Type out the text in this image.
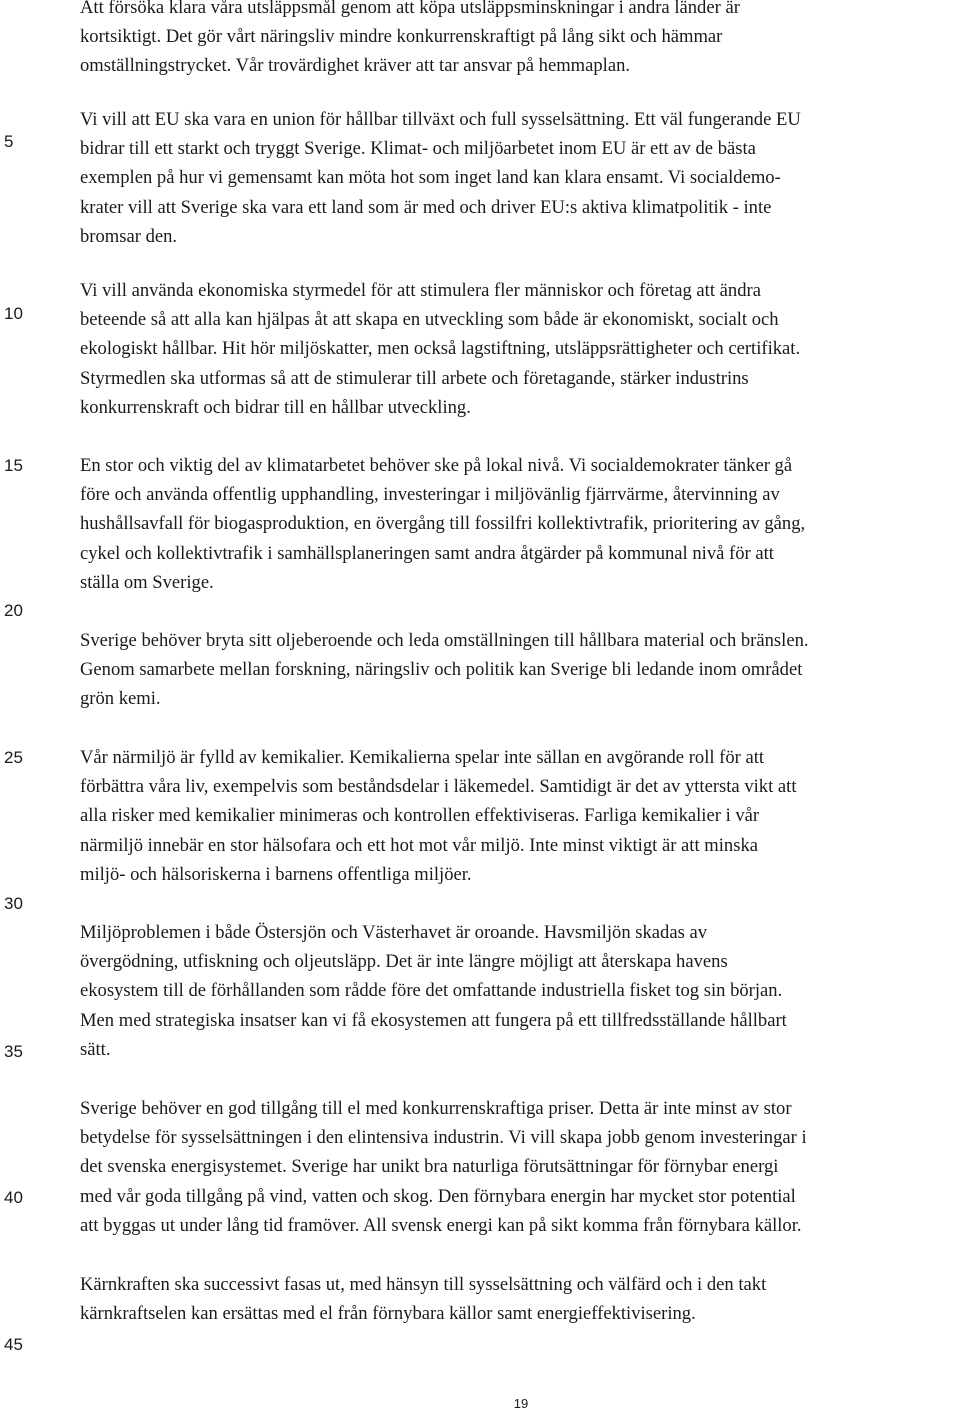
5
10
15
20
25
30
35
40
45
Att försöka klara våra utsläppsmål genom att köpa utsläppsminskningar i andra länder är
kortsiktigt. Det gör vårt näringsliv mindre konkurrenskraftigt på lång sikt och hämmar
omställningstrycket. Vår trovärdighet kräver att tar ansvar på hemmaplan.
Vi vill att EU ska vara en union för hållbar tillväxt och full sysselsättning. Ett väl fungerande EU
bidrar till ett starkt och tryggt Sverige. Klimat- och miljöarbetet inom EU är ett av de bästa
exemplen på hur vi gemensamt kan möta hot som inget land kan klara ensamt. Vi socialdemo-
krater vill att Sverige ska vara ett land som är med och driver EU:s aktiva klimatpolitik - inte
bromsar den.
Vi vill använda ekonomiska styrmedel för att stimulera fler människor och företag att ändra
beteende så att alla kan hjälpas åt att skapa en utveckling som både är ekonomiskt, socialt och
ekologiskt hållbar. Hit hör miljöskatter, men också lagstiftning, utsläppsrättigheter och certifikat.
Styrmedlen ska utformas så att de stimulerar till arbete och företagande, stärker industrins
konkurrenskraft och bidrar till en hållbar utveckling.
En stor och viktig del av klimatarbetet behöver ske på lokal nivå. Vi socialdemokrater tänker gå
före och använda offentlig upphandling, investeringar i miljövänlig fjärrvärme, återvinning av
hushållsavfall för biogasproduktion, en övergång till fossilfri kollektivtrafik, prioritering av gång,
cykel och kollektivtrafik i samhällsplaneringen samt andra åtgärder på kommunal nivå för att
ställa om Sverige.
Sverige behöver bryta sitt oljeberoende och leda omställningen till hållbara material och bränslen.
Genom samarbete mellan forskning, näringsliv och politik kan Sverige bli ledande inom området
grön kemi.
Vår närmiljö är fylld av kemikalier. Kemikalierna spelar inte sällan en avgörande roll för att
förbättra våra liv, exempelvis som beståndsdelar i läkemedel. Samtidigt är det av yttersta vikt att
alla risker med kemikalier minimeras och kontrollen effektiviseras. Farliga kemikalier i vår
närmiljö innebär en stor hälsofara och ett hot mot vår miljö. Inte minst viktigt är att minska
miljö- och hälsoriskerna i barnens offentliga miljöer.
Miljöproblemen i både Östersjön och Västerhavet är oroande. Havsmiljön skadas av
övergödning, utfiskning och oljeutsläpp. Det är inte längre möjligt att återskapa havens
ekosystem till de förhållanden som rådde före det omfattande industriella fisket tog sin början.
Men med strategiska insatser kan vi få ekosystemen att fungera på ett tillfredsställande hållbart
sätt.
Sverige behöver en god tillgång till el med konkurrenskraftiga priser. Detta är inte minst av stor
betydelse för sysselsättningen i den elintensiva industrin. Vi vill skapa jobb genom investeringar i
det svenska energisystemet. Sverige har unikt bra naturliga förutsättningar för förnybar energi
med vår goda tillgång på vind, vatten och skog. Den förnybara energin har mycket stor potential
att byggas ut under lång tid framöver. All svensk energi kan på sikt komma från förnybara källor.
Kärnkraften ska successivt fasas ut, med hänsyn till sysselsättning och välfärd och i den takt
kärnkraftselen kan ersättas med el från förnybara källor samt energieffektivisering.
19
